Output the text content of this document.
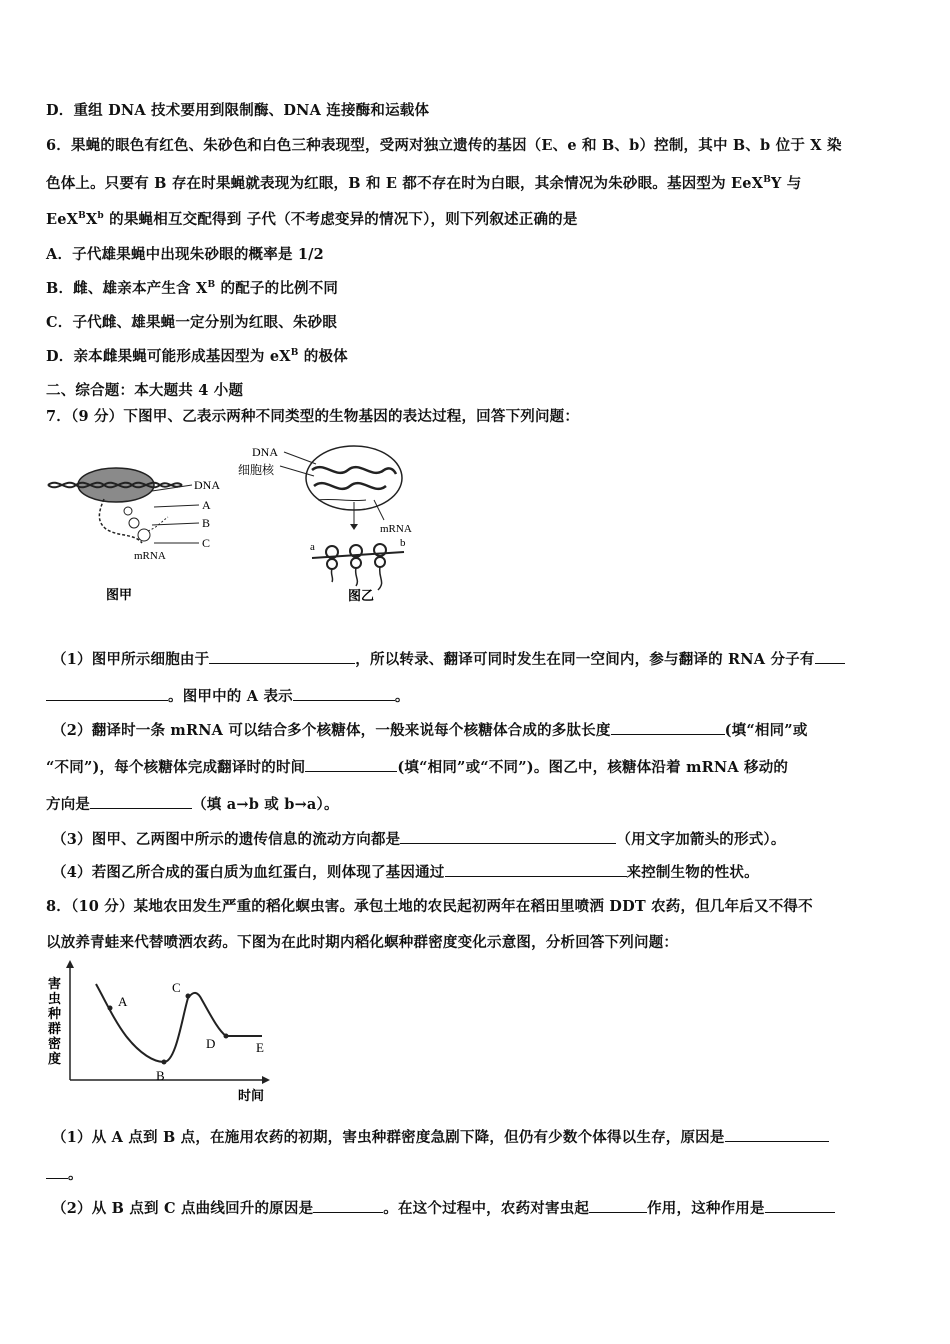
D．重组 DNA 技术要用到限制酶、DNA 连接酶和运载体
6．果蝇的眼色有红色、朱砂色和白色三种表现型，受两对独立遗传的基因（E、e 和 B、b）控制，其中 B、b 位于 X 染
色体上。只要有 B 存在时果蝇就表现为红眼，B 和 E 都不存在时为白眼，其余情况为朱砂眼。基因型为 EeX$^B$Y 与
$EeX^BX^b$ 的果蝇相互交配得到 子代（不考虑变异的情况下），则下列叙述正确的是
A．子代雄果蝇中出现朱砂眼的概率是 1/2
B．雌、雄亲本产生含 $X^B$ 的配子的比例不同
C．子代雌、雄果蝇一定分别为红眼、朱砂眼
D．亲本雌果蝇可能形成基因型为 $eX^B$ 的极体
二、综合题：本大题共 4 小题
7．（9 分）下图甲、乙表示两种不同类型的生物基因的表达过程，回答下列问题：
DNA
A
B
C
mRNA
图甲
DNA
细胞核
mRNA
a	b
图乙
（1）图甲所示细胞由于	，所以转录、翻译可同时发生在同一空间内，参与翻译的 RNA 分子有
。图甲中的 A 表示	。
（2）翻译时一条 mRNA 可以结合多个核糖体，一般来说每个核糖体合成的多肽长度	(填“相同”或
“不同”)，每个核糖体完成翻译时的时间	(填“相同”或“不同”)。图乙中，核糖体沿着 mRNA 移动的
方向是	（填 a→b 或 b→a）。
（3）图甲、乙两图中所示的遗传信息的流动方向都是	（用文字加箭头的形式）。
（4）若图乙所合成的蛋白质为血红蛋白，则体现了基因通过	来控制生物的性状。
8．（10 分）某地农田发生严重的稻化螟虫害。承包土地的农民起初两年在稻田里喷洒 DDT 农药，但几年后又不得不
以放养青蛙来代替喷洒农药。下图为在此时期内稻化螟种群密度变化示意图，分析回答下列问题：
害
虫
种
群
密
度
时间
A
B
C
D	E
（1）从 A 点到 B 点，在施用农药的初期，害虫种群密度急剧下降，但仍有少数个体得以生存，原因是
。
（2）从 B 点到 C 点曲线回升的原因是	。在这个过程中，农药对害虫起	作用，这种作用是
